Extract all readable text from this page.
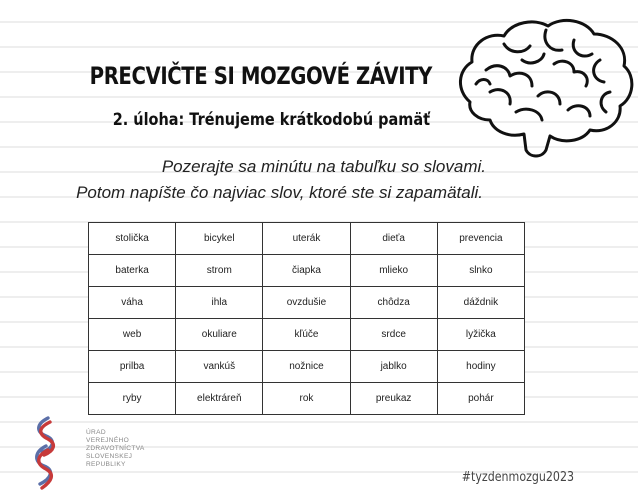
PRECVIČTE SI MOZGOVÉ ZÁVITY
2. úloha: Trénujeme krátkodobú pamäť
Pozerajte sa minútu na tabuľku so slovami.
Potom napíšte čo najviac slov, ktoré ste si zapamätali.
stolička	bicykel	uterák	dieťa	prevencia
baterka	strom	čiapka	mlieko	slnko
váha	ihla	ovzdušie	chôdza	dáždnik
web	okuliare	kľúče	srdce	lyžička
prilba	vankúš	nožnice	jablko	hodiny
ryby	elektráreň	rok	preukaz	pohár
ÚRAD
VEREJNÉHO
ZDRAVOTNÍCTVA
SLOVENSKEJ
REPUBLIKY
#tyzdenmozgu2023
